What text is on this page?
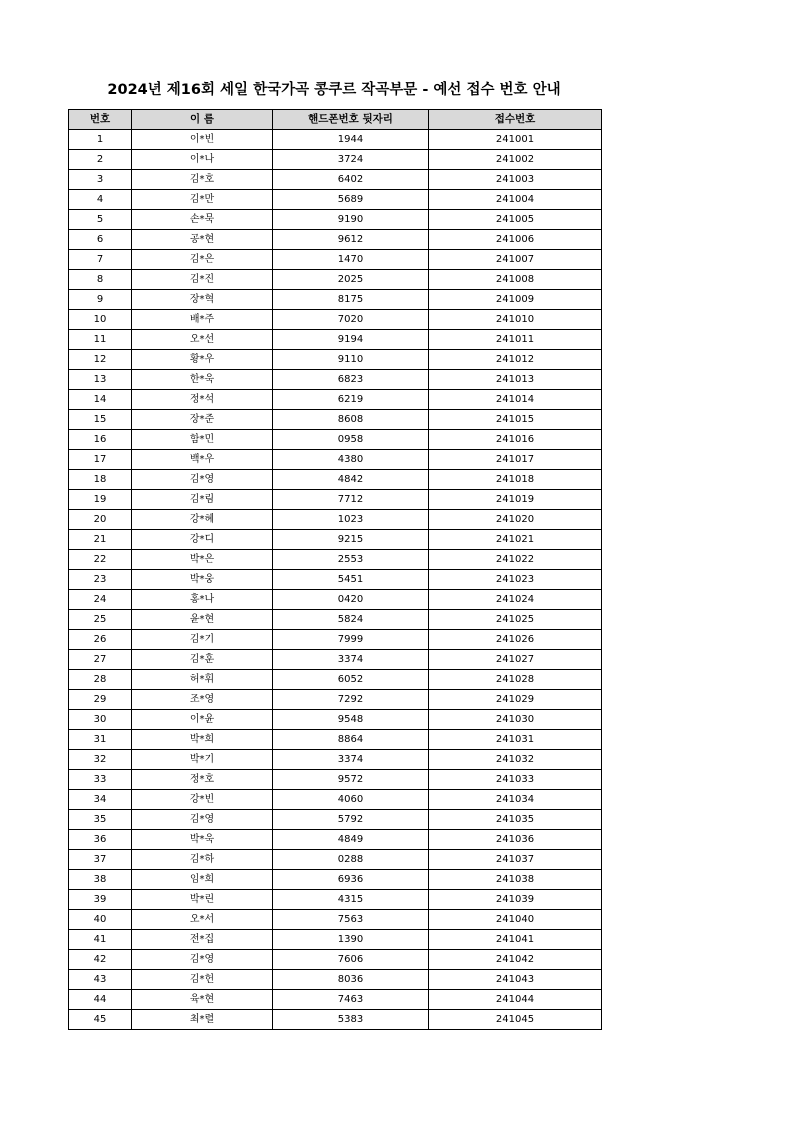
2024년 제16회 세일 한국가곡 콩쿠르 작곡부문 - 예선 접수 번호 안내
번호	이 름	핸드폰번호 뒷자리	접수번호
1	이*빈	1944	241001
2	이*나	3724	241002
3	김*호	6402	241003
4	김*만	5689	241004
5	손*묵	9190	241005
6	공*현	9612	241006
7	김*은	1470	241007
8	김*진	2025	241008
9	장*혁	8175	241009
10	배*주	7020	241010
11	오*선	9194	241011
12	황*우	9110	241012
13	한*욱	6823	241013
14	정*석	6219	241014
15	장*준	8608	241015
16	함*민	0958	241016
17	백*우	4380	241017
18	김*영	4842	241018
19	김*림	7712	241019
20	강*혜	1023	241020
21	강*디	9215	241021
22	박*은	2553	241022
23	박*웅	5451	241023
24	홍*나	0420	241024
25	윤*현	5824	241025
26	김*기	7999	241026
27	김*훈	3374	241027
28	허*휘	6052	241028
29	조*영	7292	241029
30	이*윤	9548	241030
31	박*희	8864	241031
32	박*기	3374	241032
33	정*호	9572	241033
34	강*빈	4060	241034
35	김*영	5792	241035
36	박*욱	4849	241036
37	김*하	0288	241037
38	임*희	6936	241038
39	박*린	4315	241039
40	오*서	7563	241040
41	전*집	1390	241041
42	김*영	7606	241042
43	김*헌	8036	241043
44	육*현	7463	241044
45	최*렬	5383	241045
